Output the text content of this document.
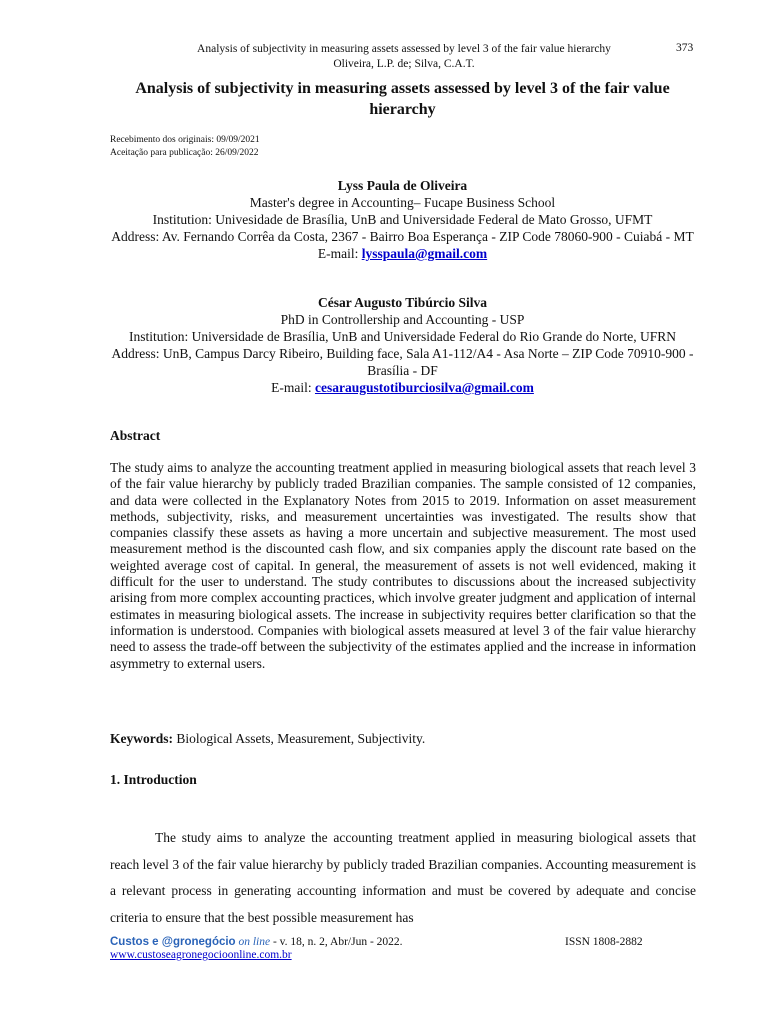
Analysis of subjectivity in measuring assets assessed by level 3 of the fair value hierarchy
Oliveira, L.P. de; Silva, C.A.T.
373
Analysis of subjectivity in measuring assets assessed by level 3 of the fair value hierarchy
Recebimento dos originais: 09/09/2021
Aceitação para publicação: 26/09/2022
Lyss Paula de Oliveira
Master's degree in Accounting– Fucape Business School
Institution: Univesidade de Brasília, UnB and Universidade Federal de Mato Grosso, UFMT
Address: Av. Fernando Corrêa da Costa, 2367 - Bairro Boa Esperança - ZIP Code 78060-900 - Cuiabá - MT
E-mail: lysspaula@gmail.com
César Augusto Tibúrcio Silva
PhD in Controllership and Accounting - USP
Institution: Universidade de Brasília, UnB and Universidade Federal do Rio Grande do Norte, UFRN
Address: UnB, Campus Darcy Ribeiro, Building face, Sala A1-112/A4 - Asa Norte – ZIP Code 70910-900 - Brasília - DF
E-mail: cesaraugustotiburciosilva@gmail.com
Abstract

The study aims to analyze the accounting treatment applied in measuring biological assets that reach level 3 of the fair value hierarchy by publicly traded Brazilian companies. The sample consisted of 12 companies, and data were collected in the Explanatory Notes from 2015 to 2019. Information on asset measurement methods, subjectivity, risks, and measurement uncertainties was investigated. The results show that companies classify these assets as having a more uncertain and subjective measurement. The most used measurement method is the discounted cash flow, and six companies apply the discount rate based on the weighted average cost of capital. In general, the measurement of assets is not well evidenced, making it difficult for the user to understand. The study contributes to discussions about the increased subjectivity arising from more complex accounting practices, which involve greater judgment and application of internal estimates in measuring biological assets. The increase in subjectivity requires better clarification so that the information is understood. Companies with biological assets measured at level 3 of the fair value hierarchy need to assess the trade-off between the subjectivity of the estimates applied and the increase in information asymmetry to external users.

Keywords: Biological Assets, Measurement, Subjectivity.

1. Introduction

The study aims to analyze the accounting treatment applied in measuring biological assets that reach level 3 of the fair value hierarchy by publicly traded Brazilian companies. Accounting measurement is a relevant process in generating accounting information and must be covered by adequate and concise criteria to ensure that the best possible measurement has

Custos e @gronegócio on line - v. 18, n. 2, Abr/Jun - 2022.	ISSN 1808-2882
www.custoseagronegocioonline.com.br
